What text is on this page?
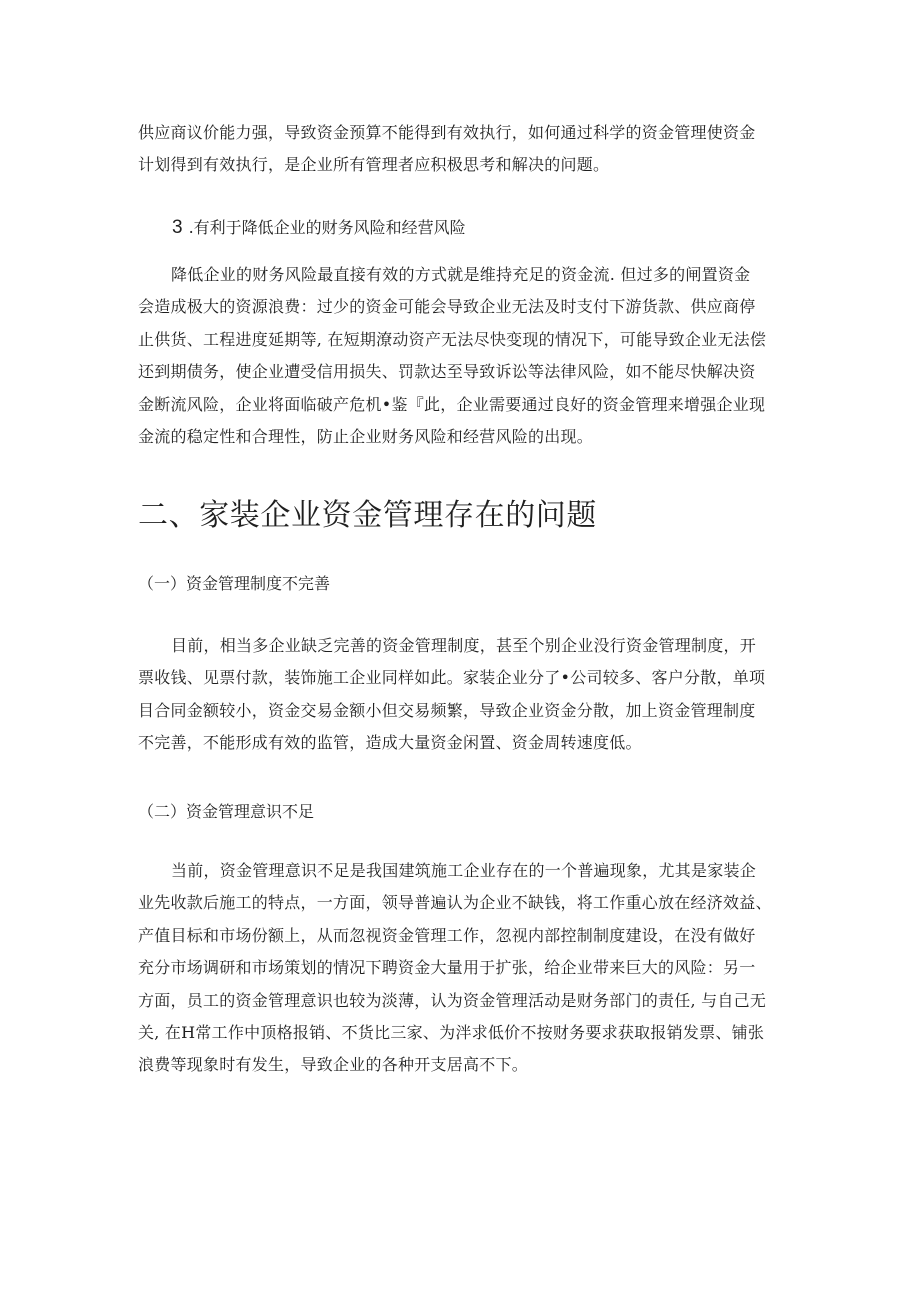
供应商议价能力强，导致资金预算不能得到有效执行，如何通过科学的资金管理使资金
计划得到有效执行，是企业所有管理者应积极思考和解决的问题。

3 .有利于降低企业的财务风险和经营风险

降低企业的财务风险最直接有效的方式就是维持充足的资金流. 但过多的闸置资金
会造成极大的资源浪费：过少的资金可能会导致企业无法及时支付下游货款、供应商停
止供货、工程进度延期等, 在短期潦动资产无法尽快变现的情况下，可能导致企业无法偿
还到期债务，使企业遭受信用损失、罚款达至导致诉讼等法律风险，如不能尽快解决资
金断流风险，企业将面临破产危机•鉴『此，企业需要通过良好的资金管理来增强企业现
金流的稳定性和合理性，防止企业财务风险和经营风险的出现。

二、家装企业资金管理存在的问题

（一）资金管理制度不完善

目前，相当多企业缺乏完善的资金管理制度，甚至个别企业没行资金管理制度，开
票收钱、见票付款，装饰施工企业同样如此。家装企业分了•公司较多、客户分散，单项
目合同金额较小，资金交易金额小但交易频繁，导致企业资金分散，加上资金管理制度
不完善，不能形成有效的监管，造成大量资金闲置、资金周转速度低。

（二）资金管理意识不足

当前，资金管理意识不足是我国建筑施工企业存在的一个普遍现象，尤其是家装企
业先收款后施工的特点，一方面，领导普遍认为企业不缺钱，将工作重心放在经济效益、
产值目标和市场份额上，从而忽视资金管理工作，忽视内部控制制度建设，在没有做好
充分市场调研和市场策划的情况下聘资金大量用于扩张，给企业带来巨大的风险：另一
方面，员工的资金管理意识也较为淡薄，认为资金管理活动是财务部门的责任, 与自己无
关, 在H常工作中顶格报销、不货比三家、为泮求低价不按财务要求获取报销发票、铺张
浪费等现象时有发生，导致企业的各种开支居高不下。
